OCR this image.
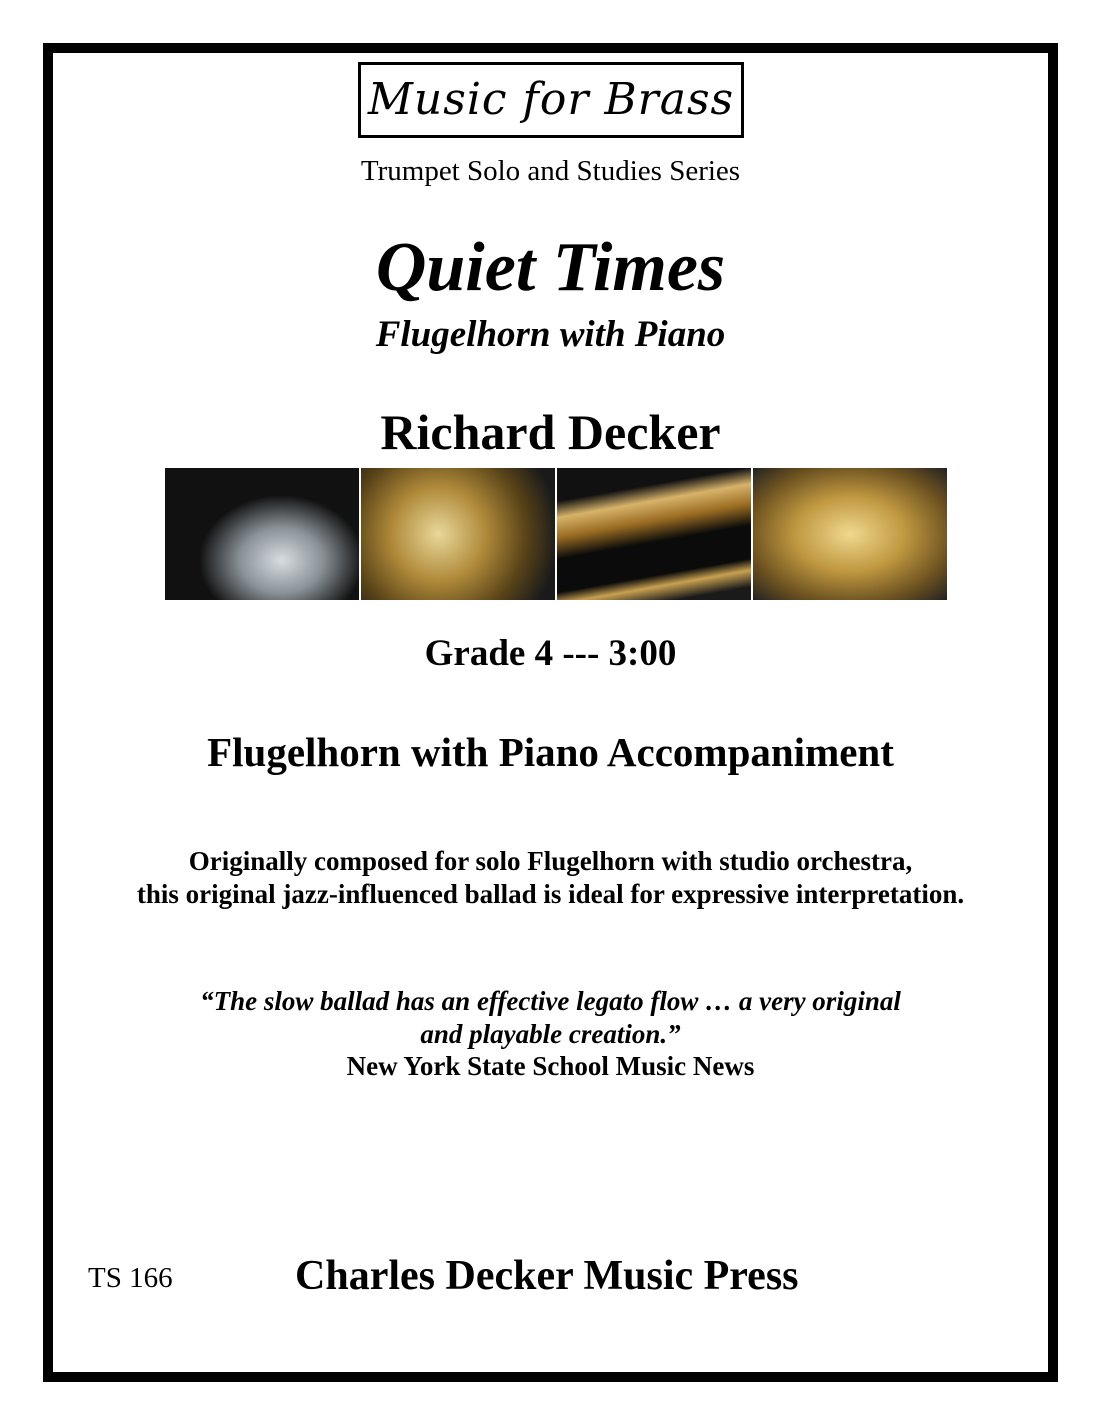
Music for Brass
Trumpet Solo and Studies Series
Quiet Times
Flugelhorn with Piano
Richard Decker
Grade 4 --- 3:00
Flugelhorn with Piano Accompaniment
Originally composed for solo Flugelhorn with studio orchestra,
this original jazz-influenced ballad is ideal for expressive interpretation.
“The slow ballad has an effective legato flow … a very original
and playable creation.”
New York State School Music News
TS 166	Charles Decker Music Press
